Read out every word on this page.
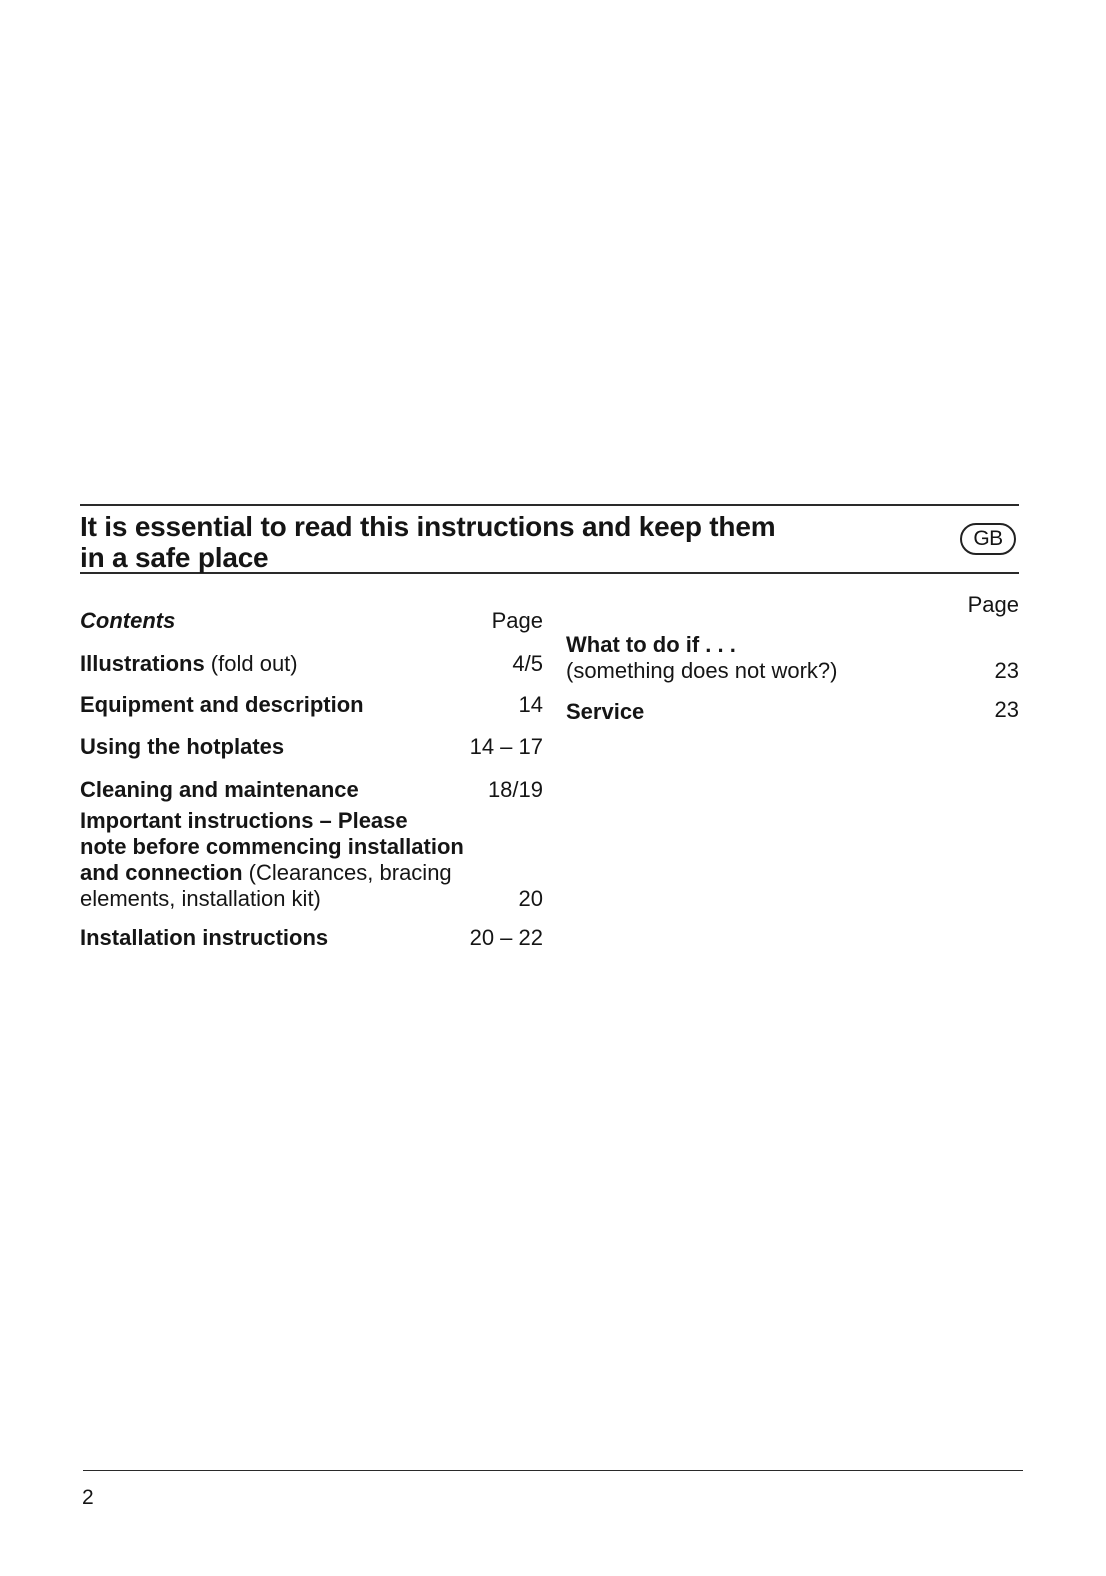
It is essential to read this instructions and keep them
in a safe place
GB
Contents	Page
Illustrations (fold out)	4/5
Equipment and description	14
Using the hotplates	14 – 17
Cleaning and maintenance	18/19
Important instructions – Please
note before commencing installation
and connection (Clearances, bracing
elements, installation kit)	20
Installation instructions	20 – 22
Page
What to do if . . .
(something does not work?)	23
Service	23
2
